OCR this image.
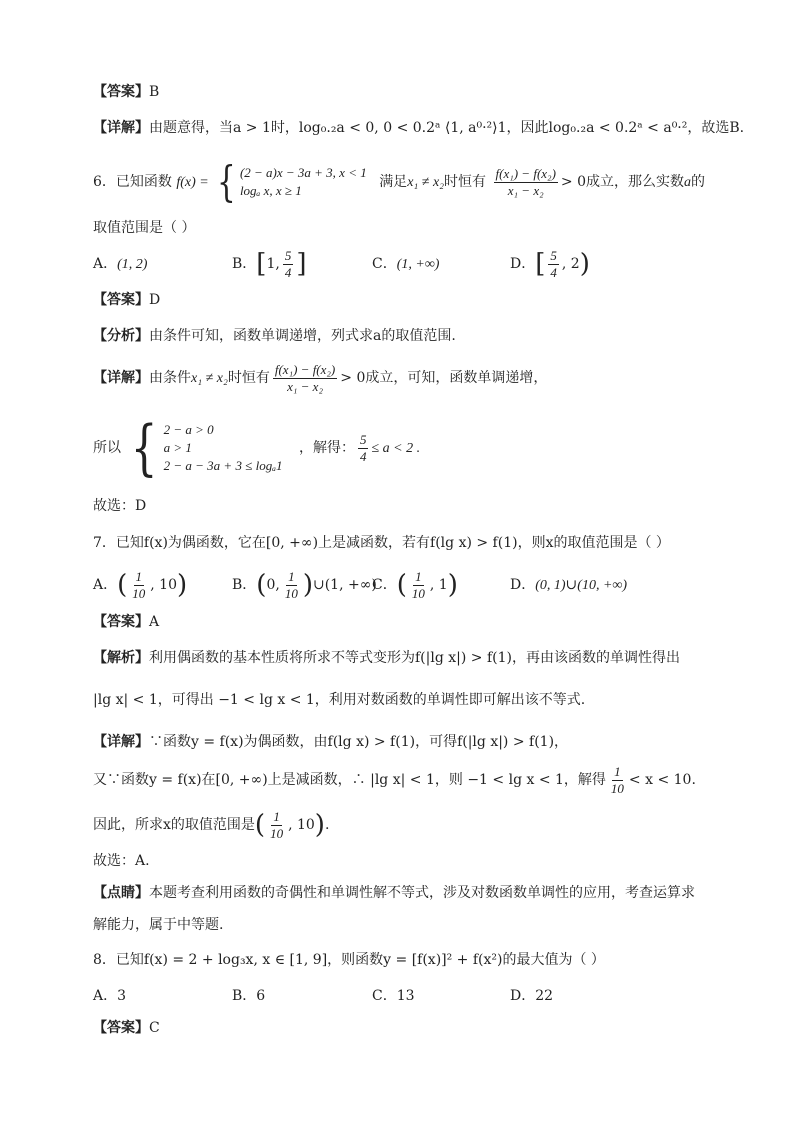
【答案】B
【详解】由题意得，当a > 1时，log₀.₂a < 0, 0 < 0.2ᵃ ⟨1, a⁰·²⟩1，因此log₀.₂a < 0.2ᵃ < a⁰·²，故选B.
6．已知函数 f(x) = { (2 − a)x − 3a + 3, x < 1
logₐ x, x ≥ 1
满足x₁ ≠ x₂时恒有 $\frac{\text{f(x₁) − f(x₂)}}{\text{x₁ − x₂}} > 0$成立，那么实数a的
取值范围是（ ）
A．(1, 2)	B．[1, $\frac{5}{4}$ ]	C．(1, +∞)	D．[ $\frac{5}{4}$ , 2)
【答案】D
【分析】由条件可知，函数单调递增，列式求a的取值范围.
【详解】由条件x₁ ≠ x₂时恒有 $\frac{\text{f(x₁) − f(x₂)}}{\text{x₁ − x₂}} > 0$成立，可知，函数单调递增，
所以 { 2 − a > 0
a > 1
2 − a − 3a + 3 ≤ logₐ1
，解得： $\frac{5}{4} \le a < 2$ .
故选：D
7．已知f(x)为偶函数，它在[0, +∞)上是减函数，若有f(lg x) > f(1)，则x的取值范围是（ ）
A．( $\frac{1}{10}$ , 10)	B．(0, $\frac{1}{10}$ )∪(1, +∞)
C．( $\frac{1}{10}$ , 1)	D．(0, 1)∪(10, +∞)
【答案】A
【解析】利用偶函数的基本性质将所求不等式变形为f(|lg x|) > f(1)，再由该函数的单调性得出
|lg x| < 1，可得出 −1 < lg x < 1，利用对数函数的单调性即可解出该不等式.
【详解】∵函数y = f(x)为偶函数，由f(lg x) > f(1)，可得f(|lg x|) > f(1)，
又∵函数y = f(x)在[0, +∞)上是减函数，∴ |lg x| < 1，则 −1 < lg x < 1，解得 $\frac{1}{10} < x < 10$.
因此，所求x的取值范围是( $\frac{1}{10}$ , 10).
故选：A.
【点睛】本题考查利用函数的奇偶性和单调性解不等式，涉及对数函数单调性的应用，考查运算求
解能力，属于中等题.
8．已知f(x) = 2 + log₃x, x ∈ [1, 9]，则函数y = [f(x)]² + f(x²)的最大值为（ ）
A．3	B．6	C．13	D．22
【答案】C
